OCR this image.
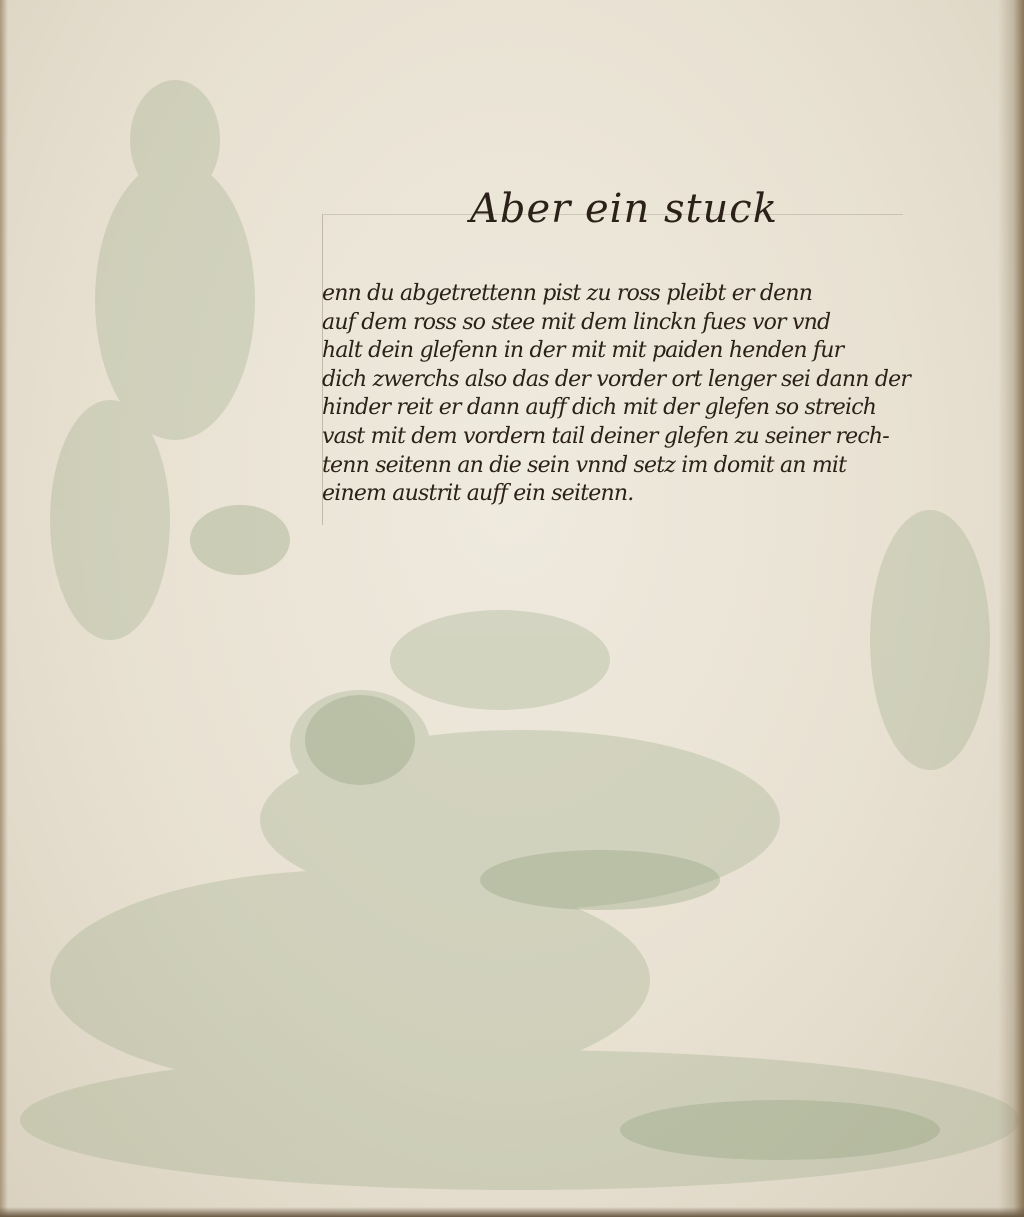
Aber ein stuck
enn du abgetrettenn pist zu ross pleibt er denn
auf dem ross so stee mit dem linckn fues vor vnd
halt dein glefenn in der mit mit paiden henden fur
dich zwerchs also das der vorder ort lenger sei dann der
hinder reit er dann auff dich mit der glefen so streich
vast mit dem vordern tail deiner glefen zu seiner rech-
tenn seitenn an die sein vnnd setz im domit an mit
einem austrit auff ein seitenn.
